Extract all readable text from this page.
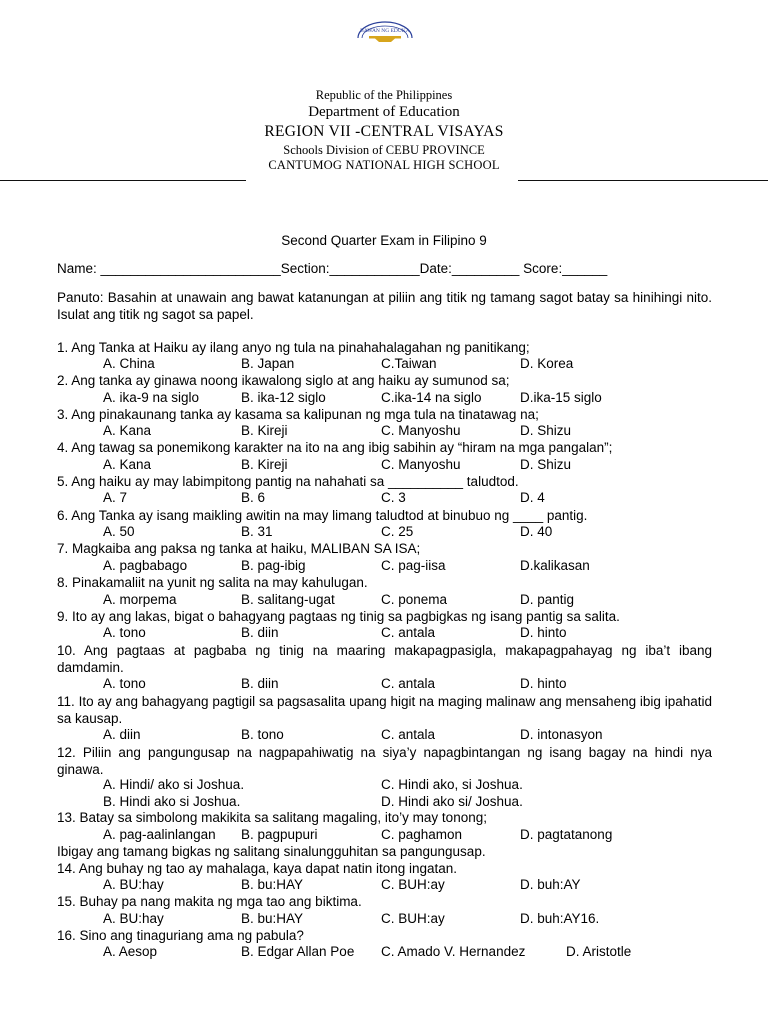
BAWAN NG EDUKA
Republic of the Philippines
Department of Education
REGION VII -CENTRAL VISAYAS
Schools Division of CEBU PROVINCE
CANTUMOG NATIONAL HIGH SCHOOL
Second Quarter Exam in Filipino 9
Name: ________________________Section:____________Date:_________ Score:______
Panuto: Basahin at unawain ang bawat katanungan at piliin ang titik ng tamang sagot batay sa hinihingi nito. Isulat ang titik ng sagot sa papel.
1. Ang Tanka at Haiku ay ilang anyo ng tula na pinahahalagahan ng panitikang;
A. China	B. Japan	C.Taiwan	D. Korea
2. Ang tanka ay ginawa noong ikawalong siglo at ang haiku ay sumunod sa;
A. ika-9 na siglo	B. ika-12 siglo	C.ika-14 na siglo	D.ika-15 siglo
3. Ang pinakaunang tanka ay kasama sa kalipunan ng mga tula na tinatawag na;
A. Kana	B. Kireji	C. Manyoshu	D. Shizu
4. Ang tawag sa ponemikong karakter na ito na ang ibig sabihin ay “hiram na mga pangalan”;
A. Kana	B. Kireji	C. Manyoshu	D. Shizu
5. Ang haiku ay may labimpitong pantig na nahahati sa __________ taludtod.
A. 7	B. 6	C. 3	D. 4
6. Ang Tanka ay isang maikling awitin na may limang taludtod at binubuo ng ____ pantig.
A. 50	B. 31	C. 25	D. 40
7. Magkaiba ang paksa ng tanka at haiku, MALIBAN SA ISA;
A. pagbabago	B. pag-ibig	C. pag-iisa	D.kalikasan
8. Pinakamaliit na yunit ng salita na may kahulugan.
A. morpema	B. salitang-ugat	C. ponema	D. pantig
9. Ito ay ang lakas, bigat o bahagyang pagtaas ng tinig sa pagbigkas ng isang pantig sa salita.
A. tono	B. diin	C. antala	D. hinto
10. Ang pagtaas at pagbaba ng tinig na maaring makapagpasigla, makapagpahayag ng iba’t ibang damdamin.
A. tono	B. diin	C. antala	D. hinto
11. Ito ay ang bahagyang pagtigil sa pagsasalita upang higit na maging malinaw ang mensaheng ibig ipahatid sa kausap.
A. diin	B. tono	C. antala	D. intonasyon
12. Piliin ang pangungusap na nagpapahiwatig na siya’y napagbintangan ng isang bagay na hindi nya ginawa.
A. Hindi/ ako si Joshua.	C. Hindi ako, si Joshua.
B. Hindi ako si Joshua.	D. Hindi ako si/ Joshua.
13. Batay sa simbolong makikita sa salitang magaling, ito’y may tonong;
A. pag-aalinlangan B. pagpupuri	C. paghamon	D. pagtatanong
Ibigay ang tamang bigkas ng salitang sinalungguhitan sa pangungusap.
14. Ang buhay ng tao ay mahalaga, kaya dapat natin itong ingatan.
A. BU:hay	B. bu:HAY	C. BUH:ay	D. buh:AY
15. Buhay pa nang makita ng mga tao ang biktima.
A. BU:hay	B. bu:HAY	C. BUH:ay	D. buh:AY16.
16. Sino ang tinaguriang ama ng pabula?
A. Aesop	B. Edgar Allan Poe C. Amado V. Hernandez	D. Aristotle
